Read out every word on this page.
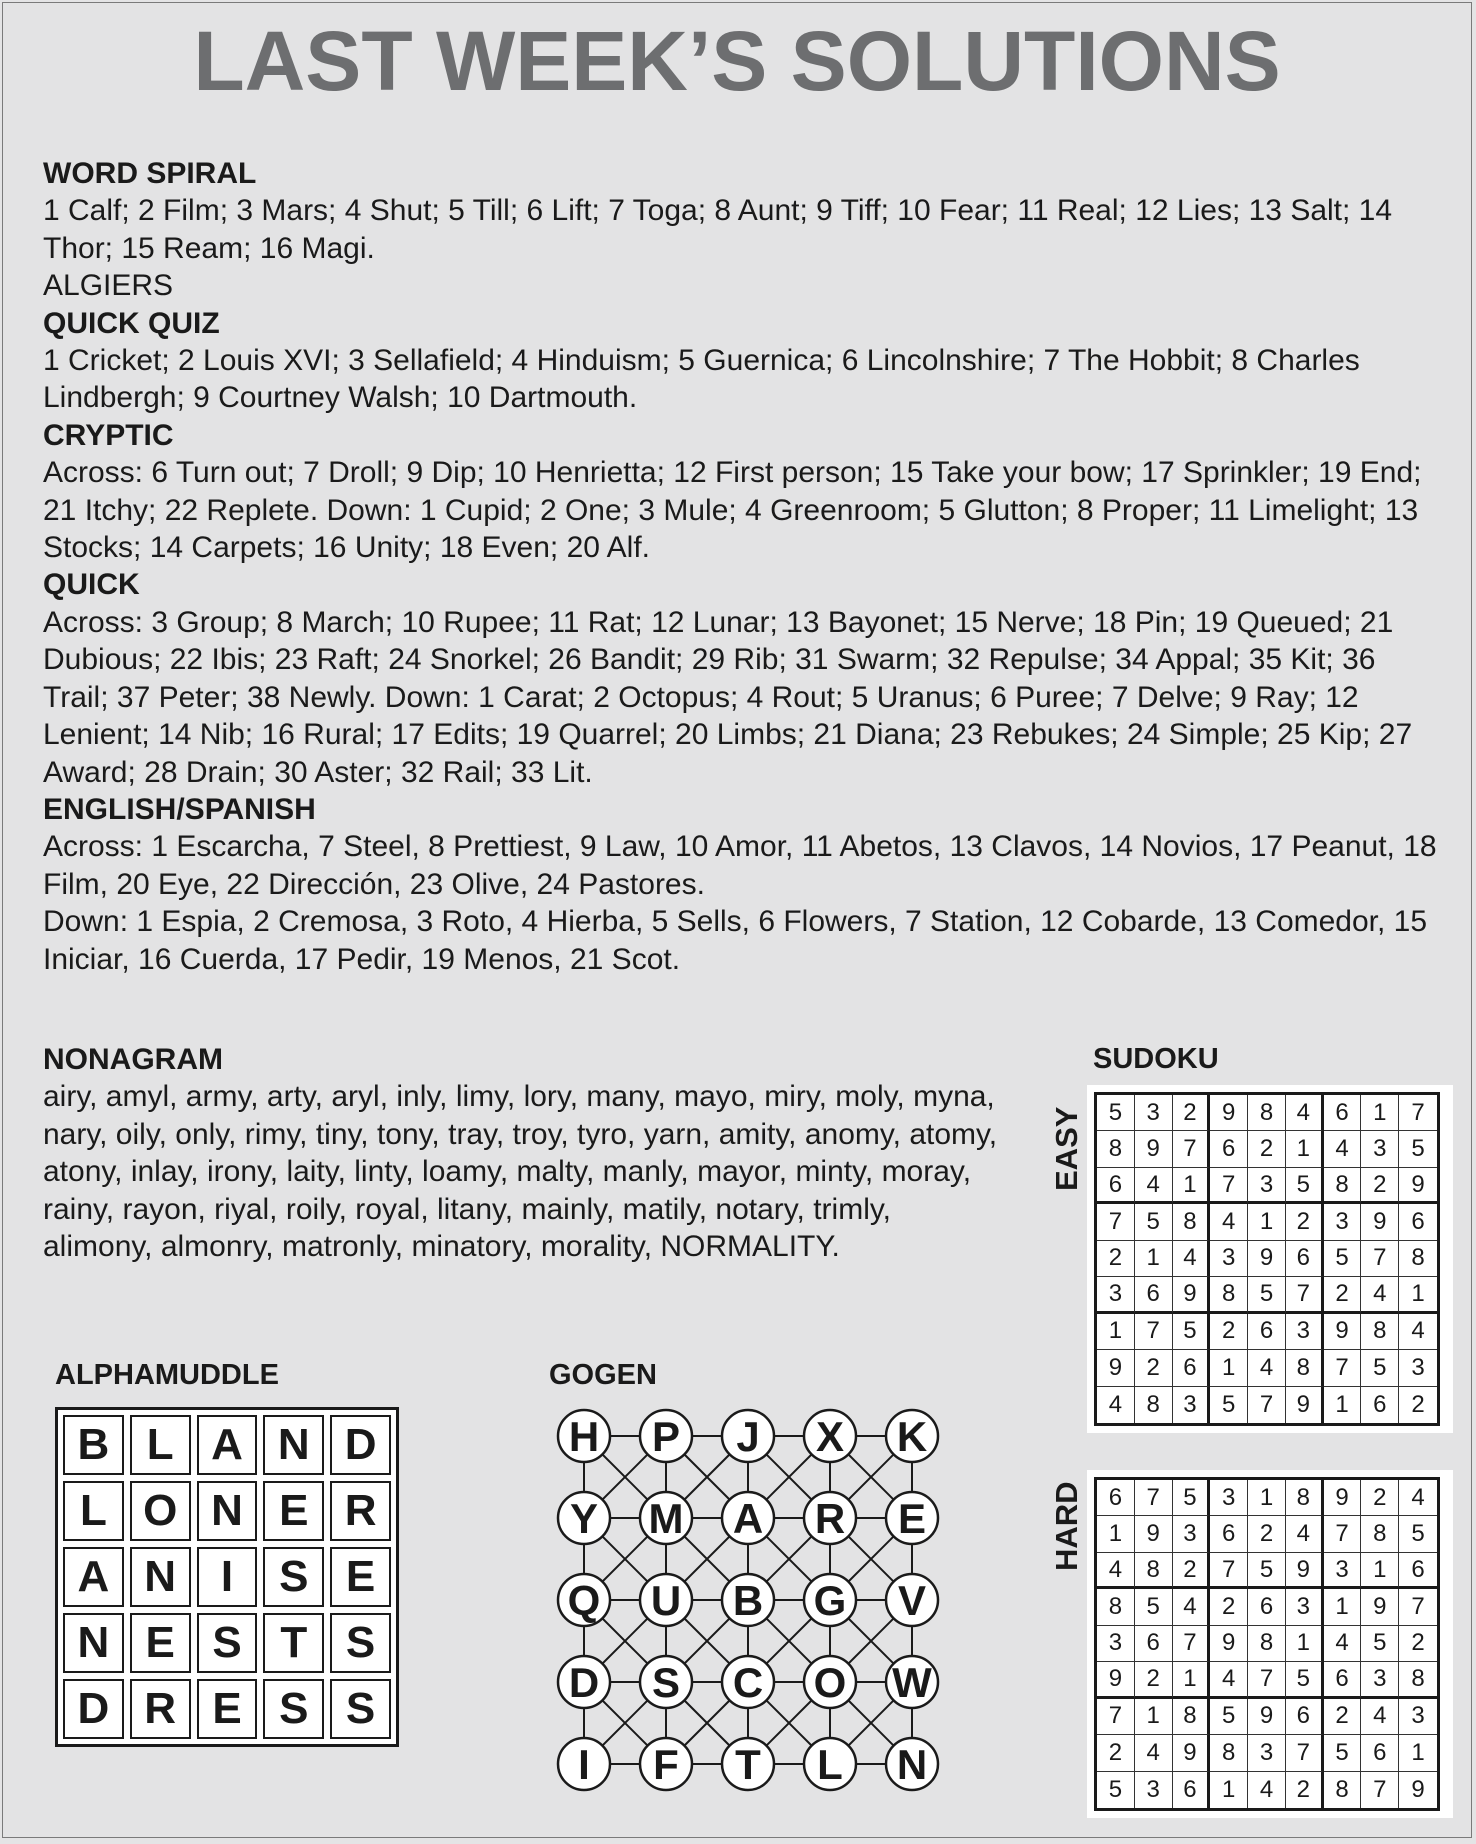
LAST WEEK’S SOLUTIONS
WORD SPIRAL
1 Calf; 2 Film; 3 Mars; 4 Shut; 5 Till; 6 Lift; 7 Toga; 8 Aunt; 9 Tiff; 10 Fear; 11 Real; 12 Lies; 13 Salt; 14 Thor; 15 Ream; 16 Magi.
ALGIERS
QUICK QUIZ
1 Cricket; 2 Louis XVI; 3 Sellafield; 4 Hinduism; 5 Guernica; 6 Lincolnshire; 7 The Hobbit; 8 Charles Lindbergh; 9 Courtney Walsh; 10 Dartmouth.
CRYPTIC
Across: 6 Turn out; 7 Droll; 9 Dip; 10 Henrietta; 12 First person; 15 Take your bow; 17 Sprinkler; 19 End; 21 Itchy; 22 Replete. Down: 1 Cupid; 2 One; 3 Mule; 4 Greenroom; 5 Glutton; 8 Proper; 11 Limelight; 13 Stocks; 14 Carpets; 16 Unity; 18 Even; 20 Alf.
QUICK
Across: 3 Group; 8 March; 10 Rupee; 11 Rat; 12 Lunar; 13 Bayonet; 15 Nerve; 18 Pin; 19 Queued; 21 Dubious; 22 Ibis; 23 Raft; 24 Snorkel; 26 Bandit; 29 Rib; 31 Swarm; 32 Repulse; 34 Appal; 35 Kit; 36 Trail; 37 Peter; 38 Newly. Down: 1 Carat; 2 Octopus; 4 Rout; 5 Uranus; 6 Puree; 7 Delve; 9 Ray; 12 Lenient; 14 Nib; 16 Rural; 17 Edits; 19 Quarrel; 20 Limbs; 21 Diana; 23 Rebukes; 24 Simple; 25 Kip; 27 Award; 28 Drain; 30 Aster; 32 Rail; 33 Lit.
ENGLISH/SPANISH
Across: 1 Escarcha, 7 Steel, 8 Prettiest, 9 Law, 10 Amor, 11 Abetos, 13 Clavos, 14 Novios, 17 Peanut, 18 Film, 20 Eye, 22 Dirección, 23 Olive, 24 Pastores.
Down: 1 Espia, 2 Cremosa, 3 Roto, 4 Hierba, 5 Sells, 6 Flowers, 7 Station, 12 Cobarde, 13 Comedor, 15 Iniciar, 16 Cuerda, 17 Pedir, 19 Menos, 21 Scot.
NONAGRAM
airy, amyl, army, arty, aryl, inly, limy, lory, many, mayo, miry, moly, myna, nary, oily, only, rimy, tiny, tony, tray, troy, tyro, yarn, amity, anomy, atomy, atony, inlay, irony, laity, linty, loamy, malty, manly, mayor, minty, moray, rainy, rayon, riyal, roily, royal, litany, mainly, matily, notary, trimly, alimony, almonry, matronly, minatory, morality, NORMALITY.
ALPHAMUDDLE
B L A N D
L O N E R
A N	I	S E
N E S T S
D R E S S
GOGEN
H P J X K
Y M A R E
Q U B G V
D S C O W
I F T L N
SUDOKU
EASY	5	3 2	9	8 4	6	1	7
8	9 7	6	2 1	4	3	5
6	4 1	7	3 5	8	2	9
7	5 8	4	1 2	3	9	6
2	1 4	3	9 6	5	7	8
3	6 9	8	5 7	2	4	1
1	7 5	2	6 3	9	8	4
9	2 6	1	4 8	7	5	3
4	8 3	5	7 9	1	6	2
HARD	6	7 5	3	1 8	9	2	4
1	9 3	6	2 4	7	8	5
4	8 2	7	5 9	3	1	6
8	5 4	2	6 3	1	9	7
3	6 7	9	8 1	4	5	2
9	2 1	4	7 5	6	3	8
7	1 8	5	9 6	2	4	3
2	4 9	8	3 7	5	6	1
5	3 6	1	4 2	8	7	9
